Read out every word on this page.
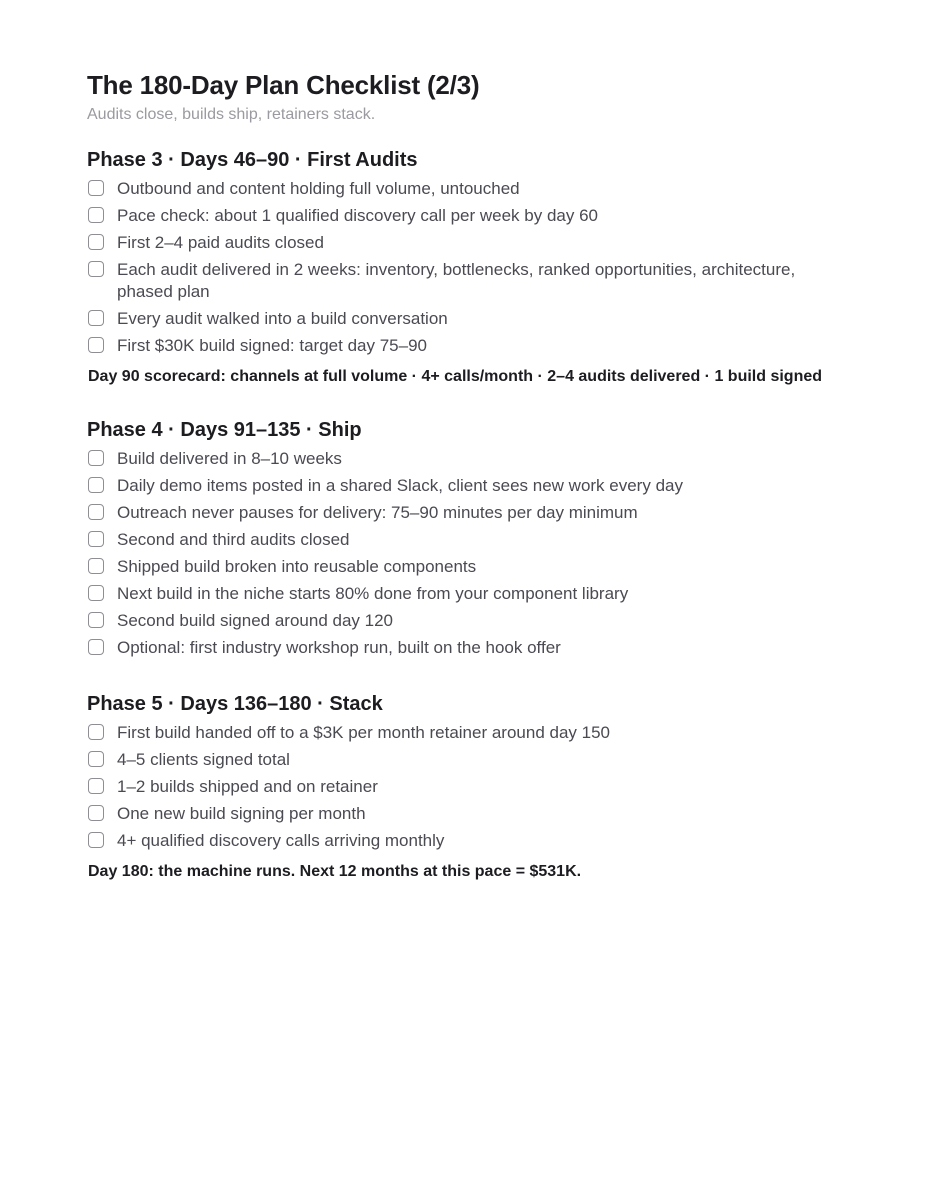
The 180-Day Plan Checklist (2/3)

Audits close, builds ship, retainers stack.

Phase 3 · Days 46–90 · First Audits
Outbound and content holding full volume, untouched
Pace check: about 1 qualified discovery call per week by day 60
First 2–4 paid audits closed
Each audit delivered in 2 weeks: inventory, bottlenecks, ranked opportunities, architecture, phased plan
Every audit walked into a build conversation
First $30K build signed: target day 75–90

Day 90 scorecard: channels at full volume · 4+ calls/month · 2–4 audits delivered · 1 build signed

Phase 4 · Days 91–135 · Ship
Build delivered in 8–10 weeks
Daily demo items posted in a shared Slack, client sees new work every day
Outreach never pauses for delivery: 75–90 minutes per day minimum
Second and third audits closed
Shipped build broken into reusable components
Next build in the niche starts 80% done from your component library
Second build signed around day 120
Optional: first industry workshop run, built on the hook offer
Phase 5 · Days 136–180 · Stack
First build handed off to a $3K per month retainer around day 150
4–5 clients signed total
1–2 builds shipped and on retainer
One new build signing per month
4+ qualified discovery calls arriving monthly

Day 180: the machine runs. Next 12 months at this pace = $531K.
